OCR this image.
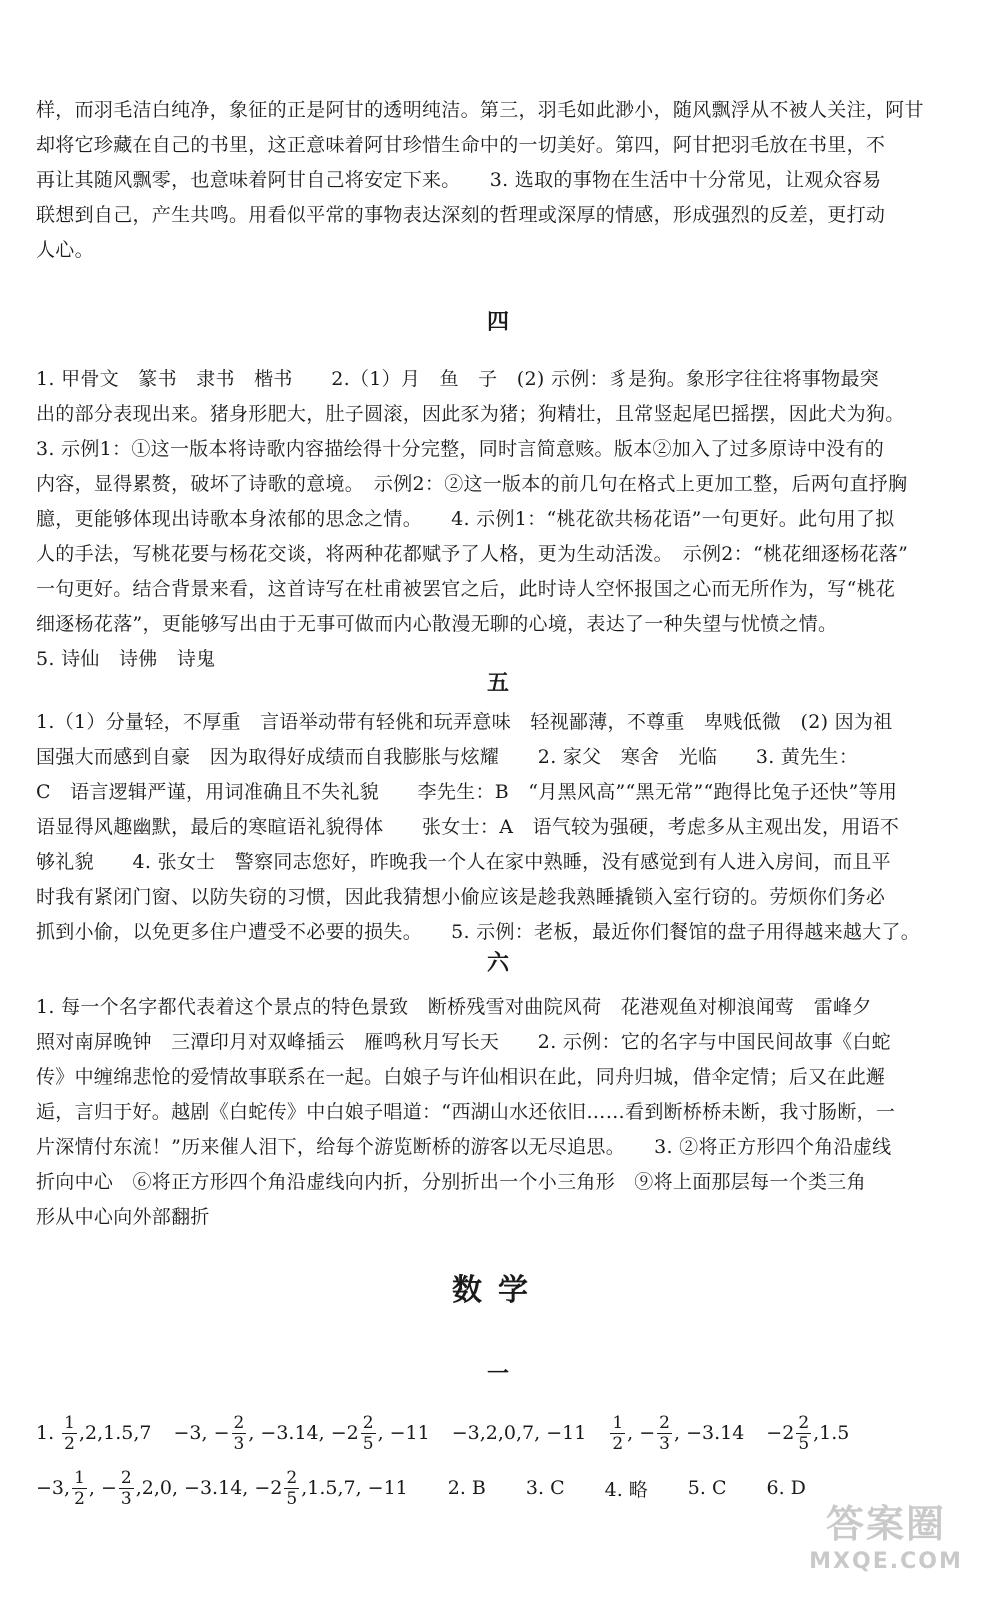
样，而羽毛洁白纯净，象征的正是阿甘的透明纯洁。第三，羽毛如此渺小，随风飘浮从不被人关注，阿甘
却将它珍藏在自己的书里，这正意味着阿甘珍惜生命中的一切美好。第四，阿甘把羽毛放在书里，不
再让其随风飘零，也意味着阿甘自己将安定下来。　　3. 选取的事物在生活中十分常见，让观众容易
联想到自己，产生共鸣。用看似平常的事物表达深刻的哲理或深厚的情感，形成强烈的反差，更打动
人心。
四
1. 甲骨文　篆书　隶书　楷书　　2.（1）月　鱼　子　(2) 示例：豸是狗。象形字往往将事物最突
出的部分表现出来。猪身形肥大，肚子圆滚，因此豕为猪；狗精壮，且常竖起尾巴摇摆，因此犬为狗。
3. 示例1：①这一版本将诗歌内容描绘得十分完整，同时言简意赅。版本②加入了过多原诗中没有的
内容，显得累赘，破坏了诗歌的意境。　示例2：②这一版本的前几句在格式上更加工整，后两句直抒胸
臆，更能够体现出诗歌本身浓郁的思念之情。　　4. 示例1：“桃花欲共杨花语”一句更好。此句用了拟
人的手法，写桃花要与杨花交谈，将两种花都赋予了人格，更为生动活泼。　示例2：“桃花细逐杨花落”
一句更好。结合背景来看，这首诗写在杜甫被罢官之后，此时诗人空怀报国之心而无所作为，写“桃花
细逐杨花落”，更能够写出由于无事可做而内心散漫无聊的心境，表达了一种失望与忧愤之情。
5. 诗仙　诗佛　诗鬼
五
1.（1）分量轻，不厚重　言语举动带有轻佻和玩弄意味　轻视鄙薄，不尊重　卑贱低微　(2) 因为祖
国强大而感到自豪　因为取得好成绩而自我膨胀与炫耀　　2. 家父　寒舍　光临　　3. 黄先生：
C　语言逻辑严谨，用词准确且不失礼貌　　李先生：B　“月黑风高”“黑无常”“跑得比兔子还快”等用
语显得风趣幽默，最后的寒暄语礼貌得体　　张女士：A　语气较为强硬，考虑多从主观出发，用语不
够礼貌　　4. 张女士　警察同志您好，昨晚我一个人在家中熟睡，没有感觉到有人进入房间，而且平
时我有紧闭门窗、以防失窃的习惯，因此我猜想小偷应该是趁我熟睡撬锁入室行窃的。劳烦你们务必
抓到小偷，以免更多住户遭受不必要的损失。　　5. 示例：老板，最近你们餐馆的盘子用得越来越大了。
六
1. 每一个名字都代表着这个景点的特色景致　断桥残雪对曲院风荷　花港观鱼对柳浪闻莺　雷峰夕
照对南屏晚钟　三潭印月对双峰插云　雁鸣秋月写长天　　2. 示例：它的名字与中国民间故事《白蛇
传》中缠绵悲怆的爱情故事联系在一起。白娘子与许仙相识在此，同舟归城，借伞定情；后又在此邂
逅，言归于好。越剧《白蛇传》中白娘子唱道：“西湖山水还依旧……看到断桥桥未断，我寸肠断，一
片深情付东流！”历来催人泪下，给每个游览断桥的游客以无尽追思。　　3. ②将正方形四个角沿虚线
折向中心　⑥将正方形四个角沿虚线向内折，分别折出一个小三角形　⑨将上面那层每一个类三角
形从中心向外部翻折
数学
一
1. $\frac{1}{2} ,2,1.5,7 -3$, − $\frac{2}{3}$ , −3.14, $-2 \frac{2}{5}$ , −11 −3,2,0,7, $-11 \frac{1}{2}$ , − $\frac{2}{3}$ , $-3.14 -2 \frac{2}{5} ,1.5$
−3, $\frac{1}{2}$ , − $\frac{2}{3} ,2,0$, −3.14, $-2 \frac{2}{5} ,1.5,7$, −11 2. B 3. C 4. 略 5. C 6. D
答案圈
MXQE.COM
